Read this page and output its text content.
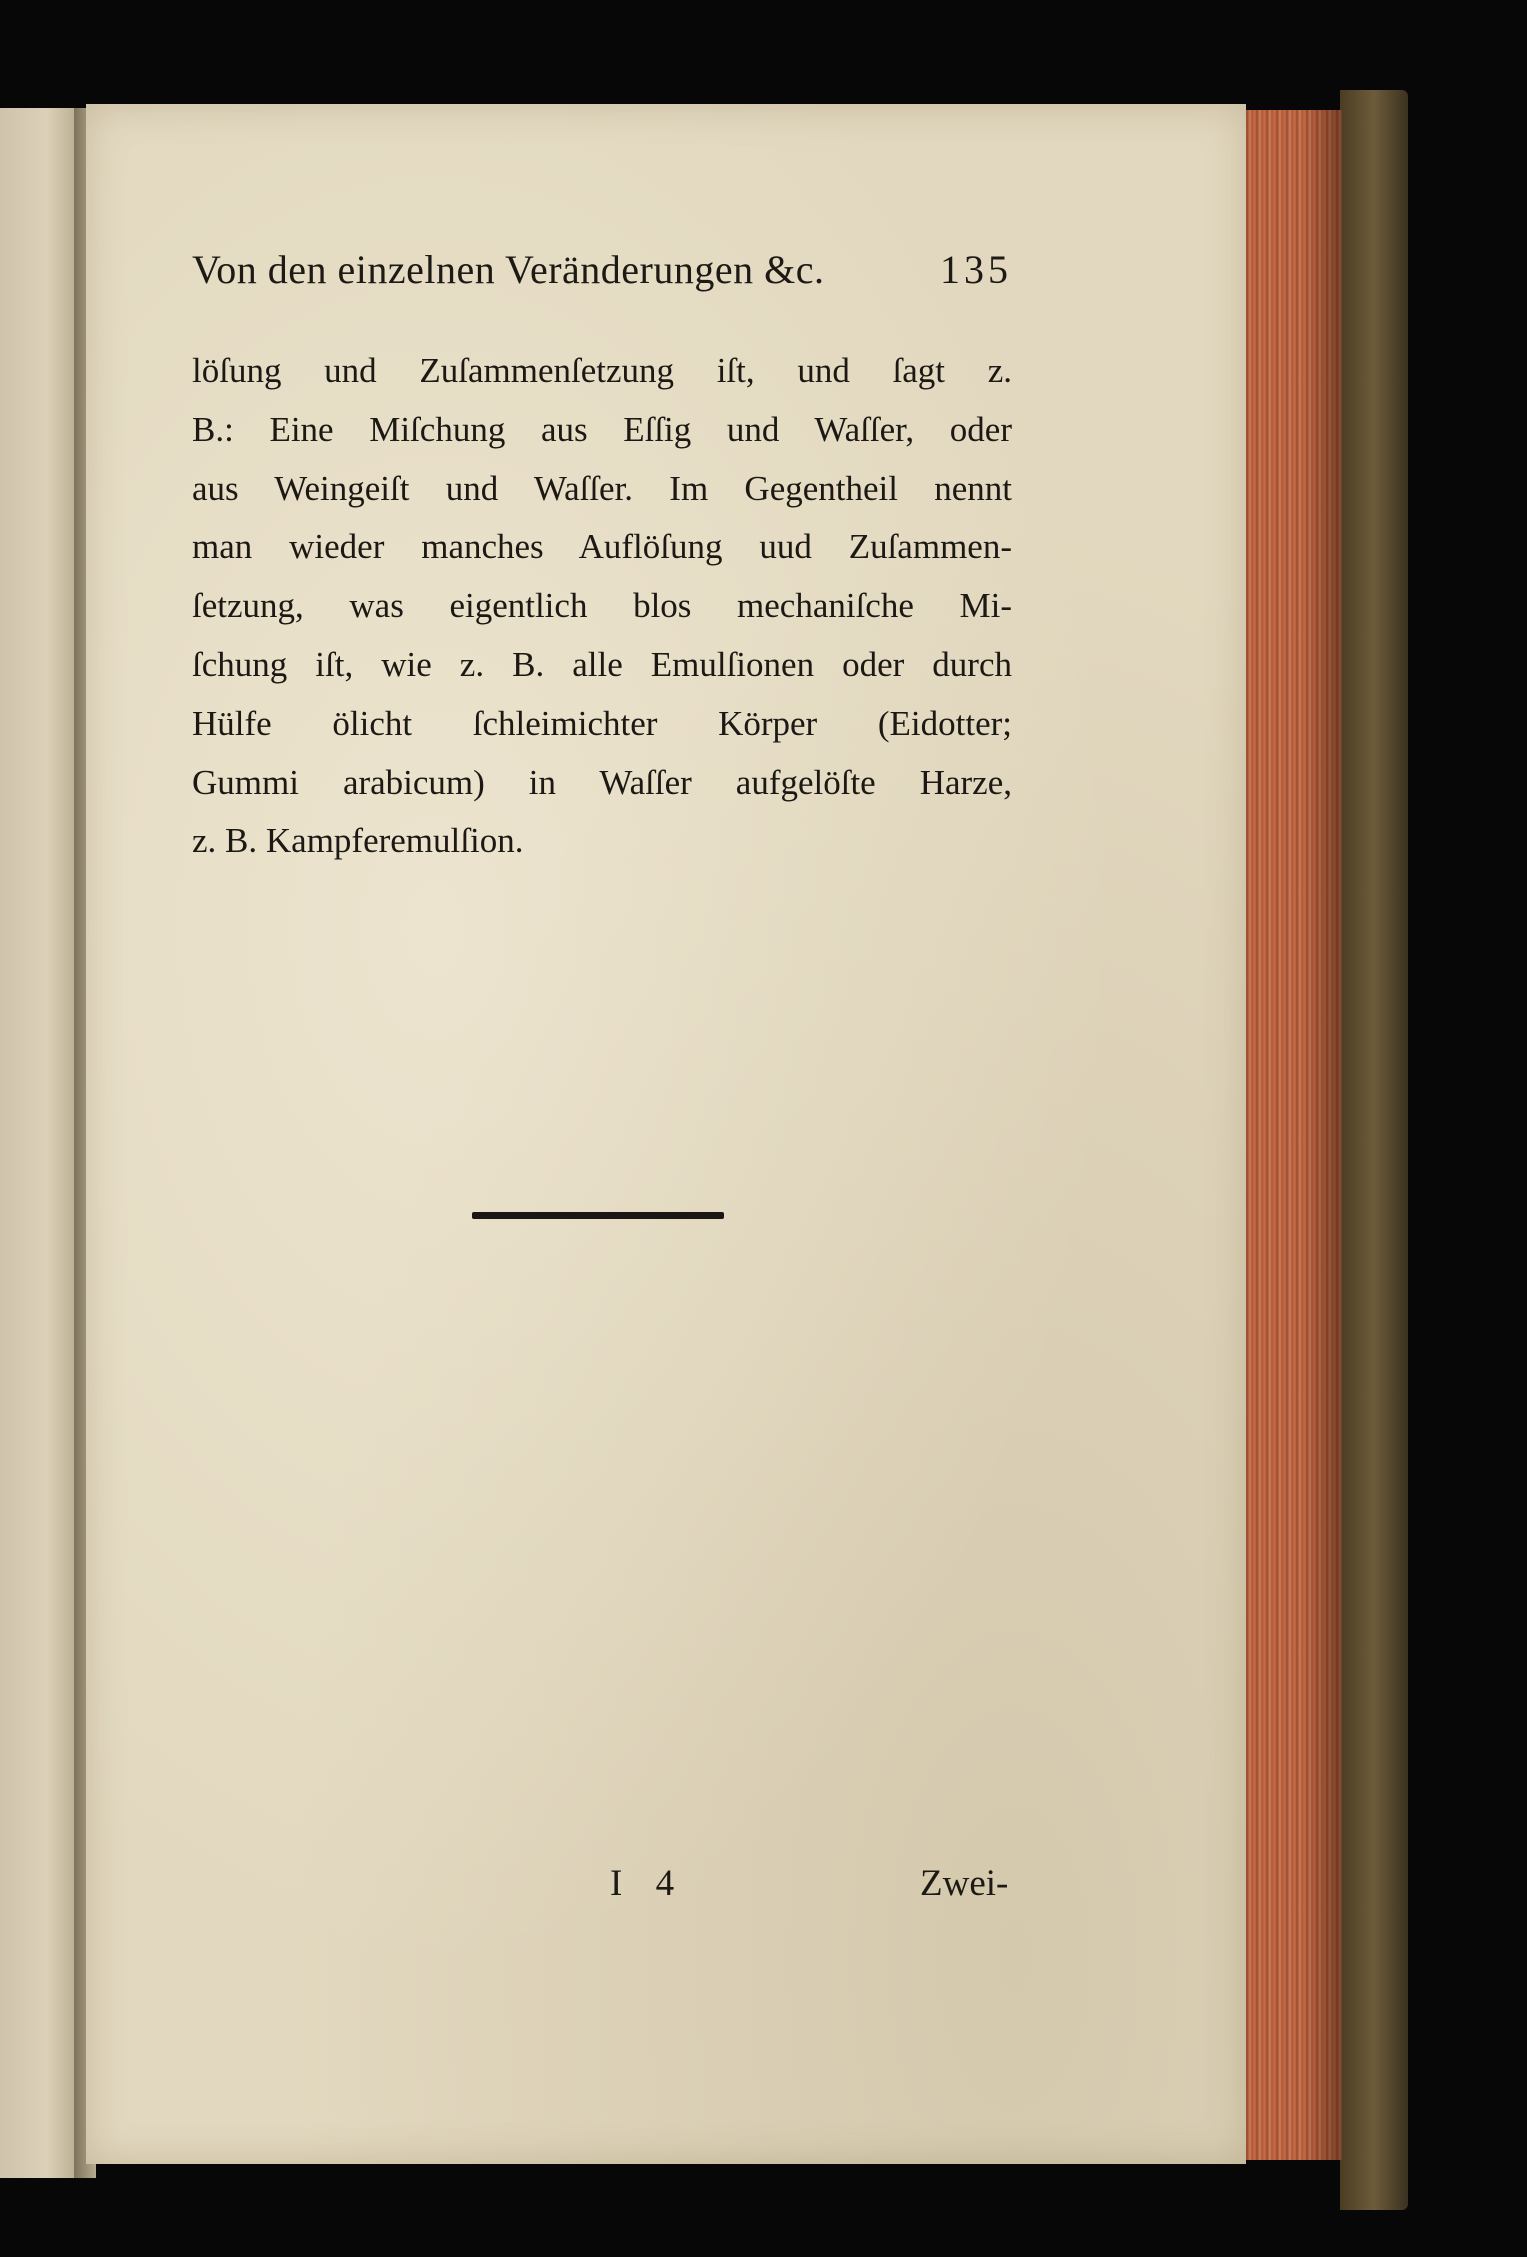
Von den einzelnen Veränderungen &c.	135
löſung und Zuſammenſetzung iſt, und ſagt z.
B.: Eine Miſchung aus Eſſig und Waſſer, oder
aus Weingeiſt und Waſſer. Im Gegentheil nennt
man wieder manches Auflöſung uud Zuſammen-
ſetzung, was eigentlich blos mechaniſche Mi-
ſchung iſt, wie z. B. alle Emulſionen oder durch
Hülfe ölicht ſchleimichter Körper (Eidotter;
Gummi arabicum) in Waſſer aufgelöſte Harze,
z. B. Kampferemulſion.
I 4	Zwei-
